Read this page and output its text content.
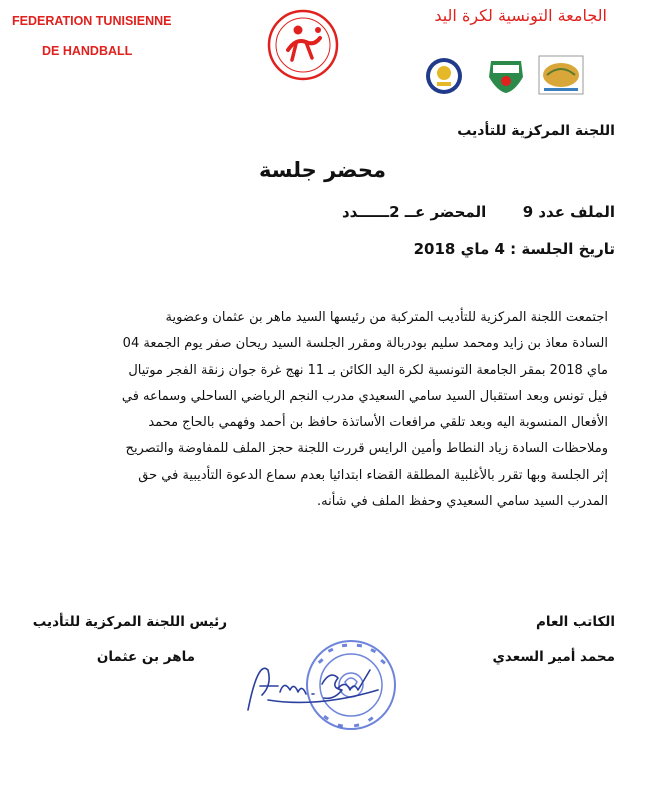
FEDERATION TUNISIENNE
DE HANDBALL
الجامعة التونسية لكرة اليد
اللجنة المركزية للتأديب
محضر جلسة
الملف عدد 9  المحضر عــ 2ــــــدد
تاريخ الجلسة : 4 ماي 2018

اجتمعت اللجنة المركزية للتأديب المتركبة من رئيسها السيد ماهر بن عثمان وعضوية

السادة معاذ بن زايد ومحمد سليم بودربالة ومقرر الجلسة السيد ريحان صفر يوم الجمعة 04

ماي 2018 بمقر الجامعة التونسية لكرة اليد الكائن بـ 11 نهج غرة جوان زنقة الفجر موتيال

فيل تونس وبعد استقبال السيد سامي السعيدي مدرب النجم الرياضي الساحلي وسماعه في

الأفعال المنسوبة اليه وبعد تلقي مرافعات الأساتذة حافظ بن أحمد وفهمي بالحاج محمد

وملاحظات السادة زياد النطاط وأمين الرايس قررت اللجنة حجز الملف للمفاوضة والتصريح

إثر الجلسة وبها تقرر بالأغلبية المطلقة القضاء ابتدائيا بعدم سماع الدعوة التأديبية في حق

المدرب السيد سامي السعيدي وحفظ الملف في شأنه.

رئيس اللجنة المركزية للتأديب
ماهر بن عثمان
الكاتب العام
محمد أمير السعدي
